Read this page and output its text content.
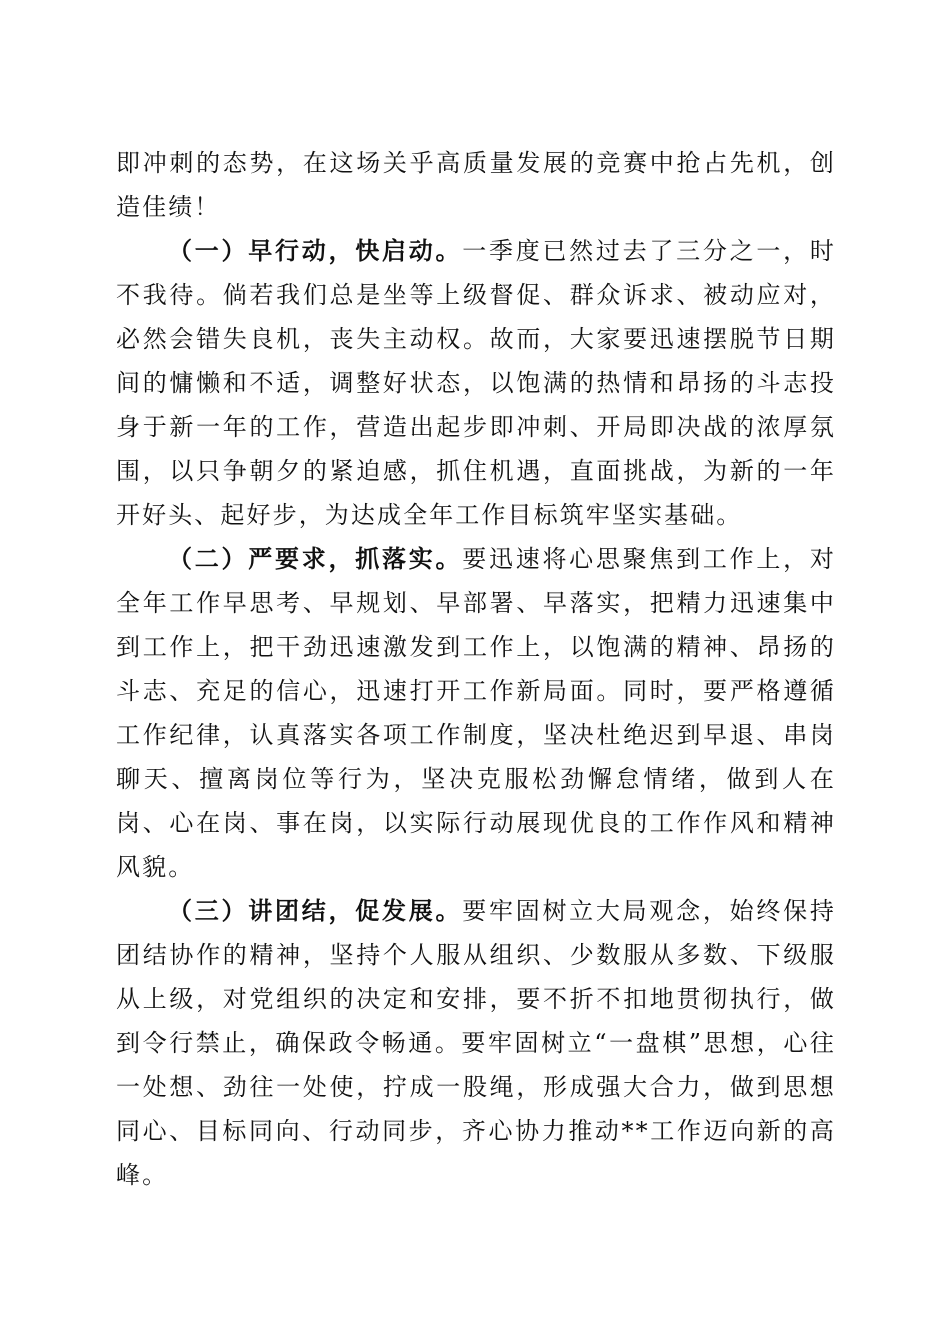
即冲刺的态势，在这场关乎高质量发展的竞赛中抢占先机，创造佳绩！

（一）早行动，快启动。一季度已然过去了三分之一，时不我待。倘若我们总是坐等上级督促、群众诉求、被动应对，必然会错失良机，丧失主动权。故而，大家要迅速摆脱节日期间的慵懒和不适，调整好状态，以饱满的热情和昂扬的斗志投身于新一年的工作，营造出起步即冲刺、开局即决战的浓厚氛围，以只争朝夕的紧迫感，抓住机遇，直面挑战，为新的一年开好头、起好步，为达成全年工作目标筑牢坚实基础。

（二）严要求，抓落实。要迅速将心思聚焦到工作上，对全年工作早思考、早规划、早部署、早落实，把精力迅速集中到工作上，把干劲迅速激发到工作上，以饱满的精神、昂扬的斗志、充足的信心，迅速打开工作新局面。同时，要严格遵循工作纪律，认真落实各项工作制度，坚决杜绝迟到早退、串岗聊天、擅离岗位等行为，坚决克服松劲懈怠情绪，做到人在岗、心在岗、事在岗，以实际行动展现优良的工作作风和精神风貌。

（三）讲团结，促发展。要牢固树立大局观念，始终保持团结协作的精神，坚持个人服从组织、少数服从多数、下级服从上级，对党组织的决定和安排，要不折不扣地贯彻执行，做到令行禁止，确保政令畅通。要牢固树立“一盘棋”思想，心往一处想、劲往一处使，拧成一股绳，形成强大合力，做到思想同心、目标同向、行动同步，齐心协力推动**工作迈向新的高峰。
